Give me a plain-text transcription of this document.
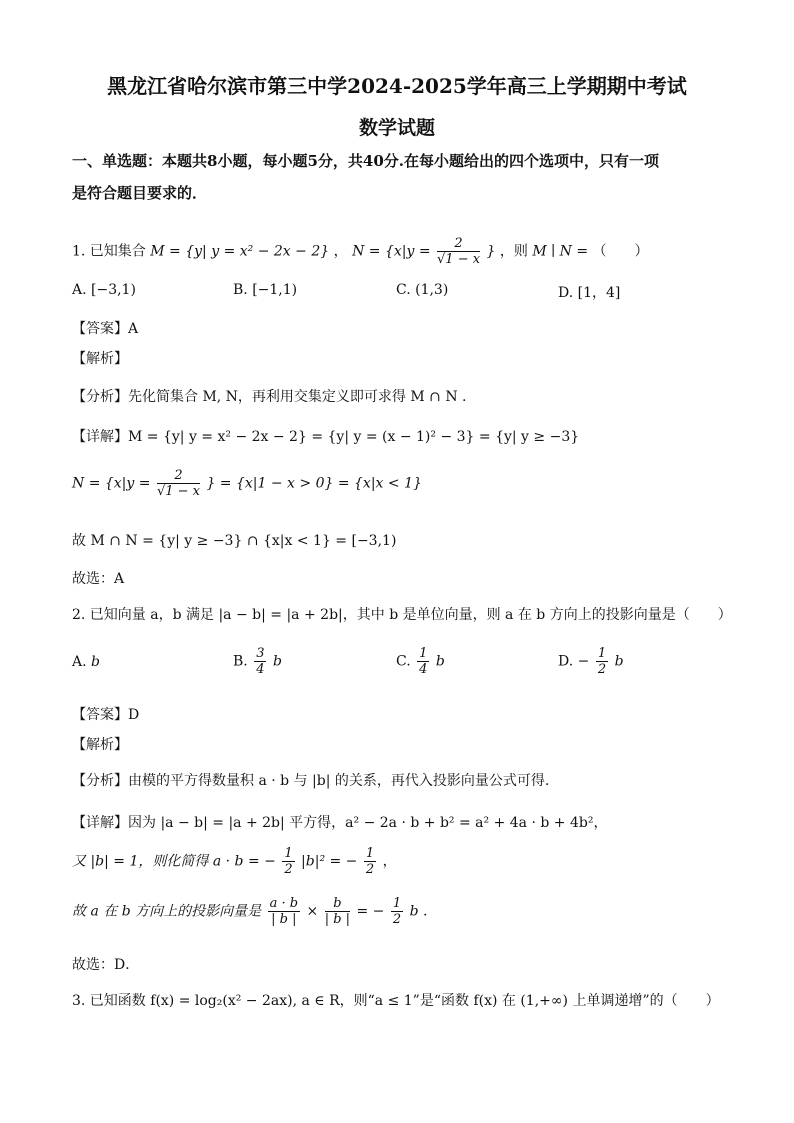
黑龙江省哈尔滨市第三中学2024-2025学年高三上学期期中考试
数学试题
一、单选题：本题共8小题，每小题5分，共40分.在每小题给出的四个选项中，只有一项
是符合题目要求的．
1. 已知集合 M = {y| y = x² − 2x − 2} ， $N = \{x|y = \frac{2}{√1 - x}$ } ，则 M ∣ N = （　　）
A. [−3,1)	B. [−1,1)	C. (1,3)	D. [1，4]
【答案】A
【解析】
【分析】先化简集合 M, N，再利用交集定义即可求得 M ∩ N .
【详解】M = {y| y = x² − 2x − 2} = {y| y = (x − 1)² − 3} = {y| y ≥ −3}
$N = \{x|y = \frac{2}{√1 - x}$ } = {x|1 − x > 0} = {x|x < 1}
故 M ∩ N = {y| y ≥ −3} ∩ {x|x < 1} = [−3,1)
故选：A
2. 已知向量 a，b 满足 |a − b| = |a + 2b|，其中 b 是单位向量，则 a 在 b 方向上的投影向量是（　　）
A. b	B. $\frac{3}{4}$ b	C. $\frac{1}{4}$ b	D. − $\frac{1}{2}$ b
【答案】D
【解析】
【分析】由模的平方得数量积 a · b 与 |b| 的关系，再代入投影向量公式可得.
【详解】因为 |a − b| = |a + 2b| 平方得，a² − 2a · b + b² = a² + 4a · b + 4b²，
又 |b| = 1，则化简得 a · b = − $\frac{1}{2} |b|^2$ = − $\frac{1}{2}$ ，
故 a 在 b 方向上的投影向量是 $\frac{a \cdot b}{| b |} \times \frac{b}{| b |}$ = − $\frac{1}{2}$ b .
故选：D．
3. 已知函数 f(x) = log₂(x² − 2ax), a ∈ R，则“a ≤ 1”是“函数 f(x) 在 (1,+∞) 上单调递增”的（　　）
